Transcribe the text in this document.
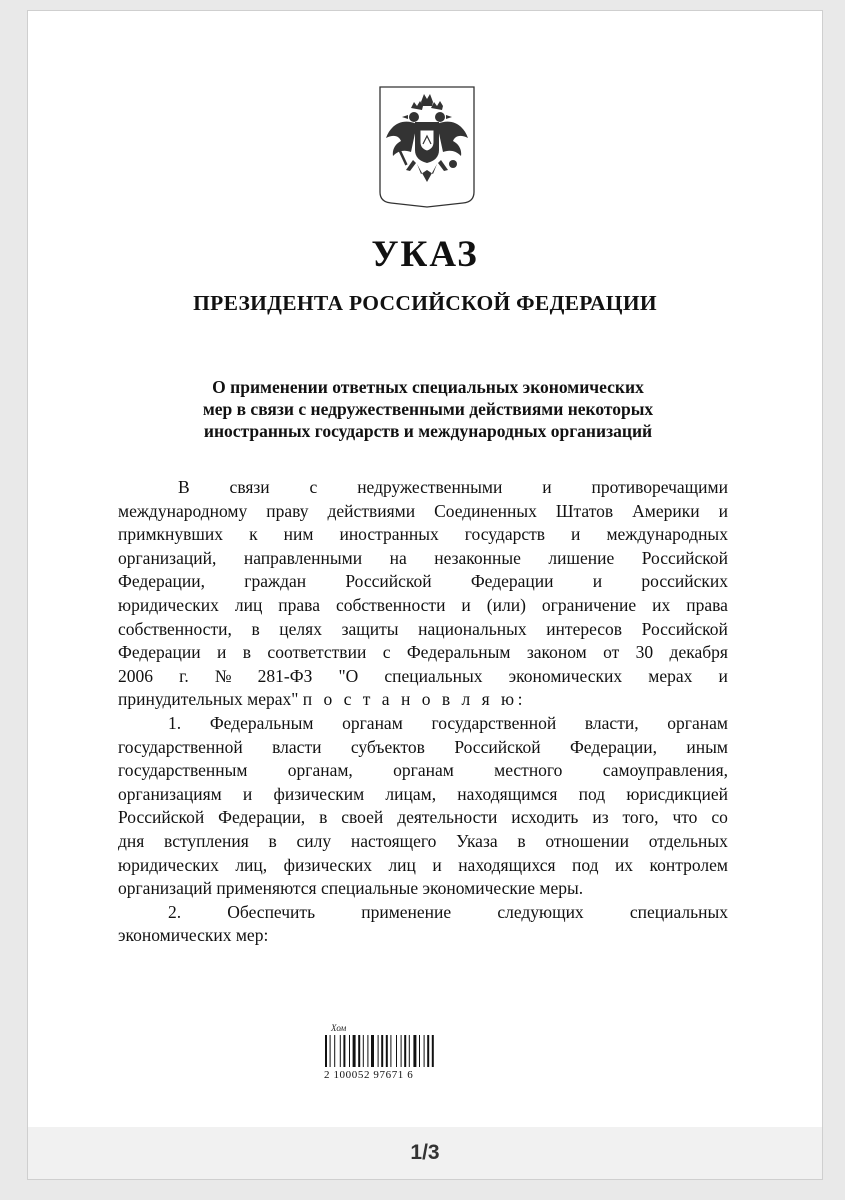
УКАЗ
ПРЕЗИДЕНТА РОССИЙСКОЙ ФЕДЕРАЦИИ
О применении ответных специальных экономических
мер в связи с недружественными действиями некоторых
иностранных государств и международных организаций
В связи с недружественными и противоречащими
международному праву действиями Соединенных Штатов Америки и
примкнувших к ним иностранных государств и международных
организаций, направленными на незаконные лишение Российской
Федерации, граждан Российской Федерации и российских
юридических лиц права собственности и (или) ограничение их права
собственности, в целях защиты национальных интересов Российской
Федерации и в соответствии с Федеральным законом от 30 декабря
2006 г. № 281-ФЗ "О специальных экономических мерах и
принудительных мерах"
п о с т а н о в л я ю:
1. Федеральным органам государственной власти, органам
государственной власти субъектов Российской Федерации, иным
государственным органам, органам местного самоуправления,
организациям и физическим лицам, находящимся под юрисдикцией
Российской Федерации, в своей деятельности исходить из того, что со
дня вступления в силу настоящего Указа в отношении отдельных
юридических лиц, физических лиц и находящихся под их контролем
организаций применяются специальные экономические меры.
2.	Обеспечить	применение	следующих	специальных
экономических мер:
Хом
2 100052 97671 6
1/3
